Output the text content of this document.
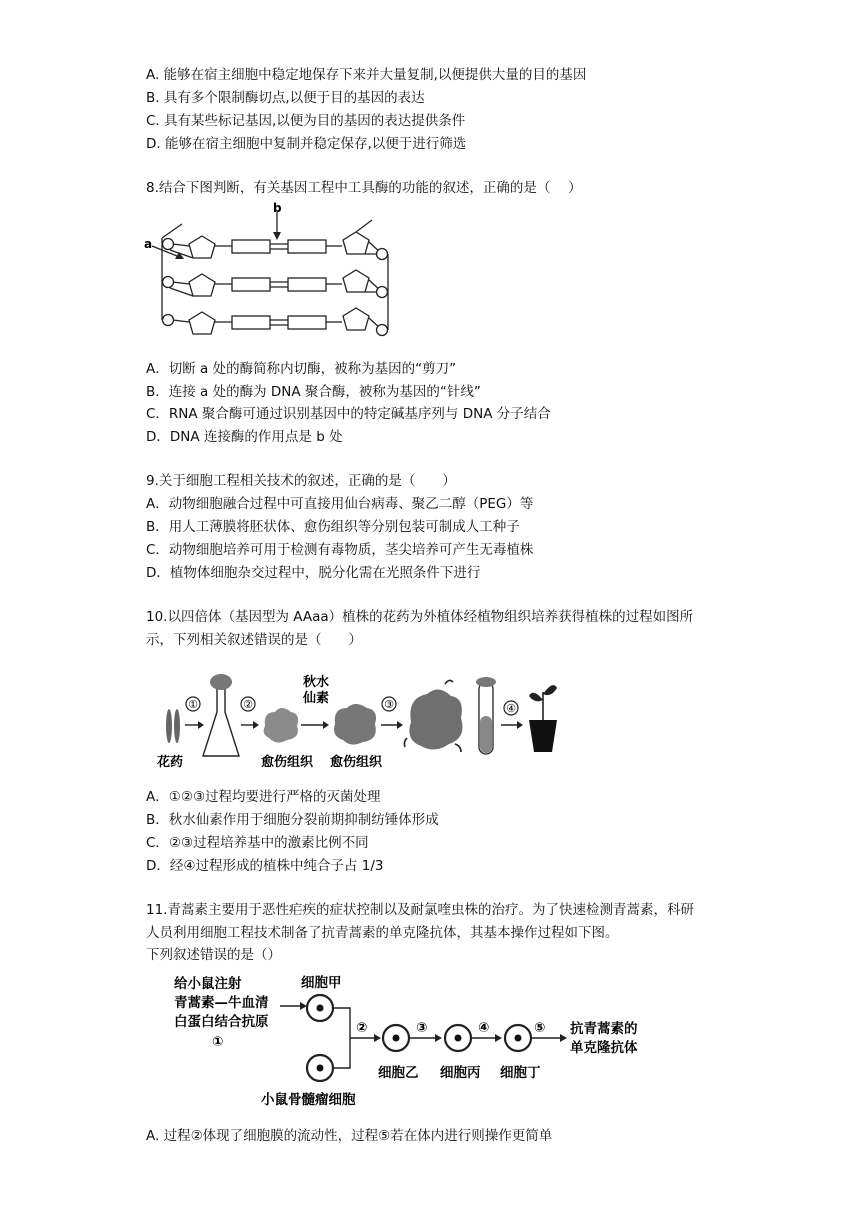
A. 能够在宿主细胞中稳定地保存下来并大量复制,以便提供大量的目的基因
B. 具有多个限制酶切点,以便于目的基因的表达
C. 具有某些标记基因,以便为目的基因的表达提供条件
D. 能够在宿主细胞中复制并稳定保存,以便于进行筛选
8.结合下图判断，有关基因工程中工具酶的功能的叙述，正确的是（　 ）
b
a
A．切断 a 处的酶简称内切酶，被称为基因的“剪刀”
B．连接 a 处的酶为 DNA 聚合酶，被称为基因的“针线”
C．RNA 聚合酶可通过识别基因中的特定碱基序列与 DNA 分子结合
D．DNA 连接酶的作用点是 b 处
9.关于细胞工程相关技术的叙述，正确的是（　　）
A．动物细胞融合过程中可直接用仙台病毒、聚乙二醇（PEG）等
B．用人工薄膜将胚状体、愈伤组织等分别包装可制成人工种子
C．动物细胞培养可用于检测有毒物质，茎尖培养可产生无毒植株
D．植物体细胞杂交过程中，脱分化需在光照条件下进行
10.以四倍体（基因型为 AAaa）植株的花药为外植体经植物组织培养获得植株的过程如图所
示，下列相关叙述错误的是（　　）
花药
①	②
愈伤组织
秋水
仙素
愈伤组织
③	④
A．①②③过程均要进行严格的灭菌处理
B．秋水仙素作用于细胞分裂前期抑制纺锤体形成
C．②③过程培养基中的激素比例不同
D．经④过程形成的植株中纯合子占 1/3
11.青蒿素主要用于恶性疟疾的症状控制以及耐氯喹虫株的治疗。为了快速检测青蒿素，科研
人员利用细胞工程技术制备了抗青蒿素的单克隆抗体，其基本操作过程如下图。
下列叙述错误的是（）
给小鼠注射
青蒿素—牛血清
白蛋白结合抗原
①
细胞甲
小鼠骨髓瘤细胞
②
细胞乙
③
细胞丙
④
细胞丁
⑤ 抗青蒿素的
单克隆抗体
A. 过程②体现了细胞膜的流动性，过程⑤若在体内进行则操作更简单
